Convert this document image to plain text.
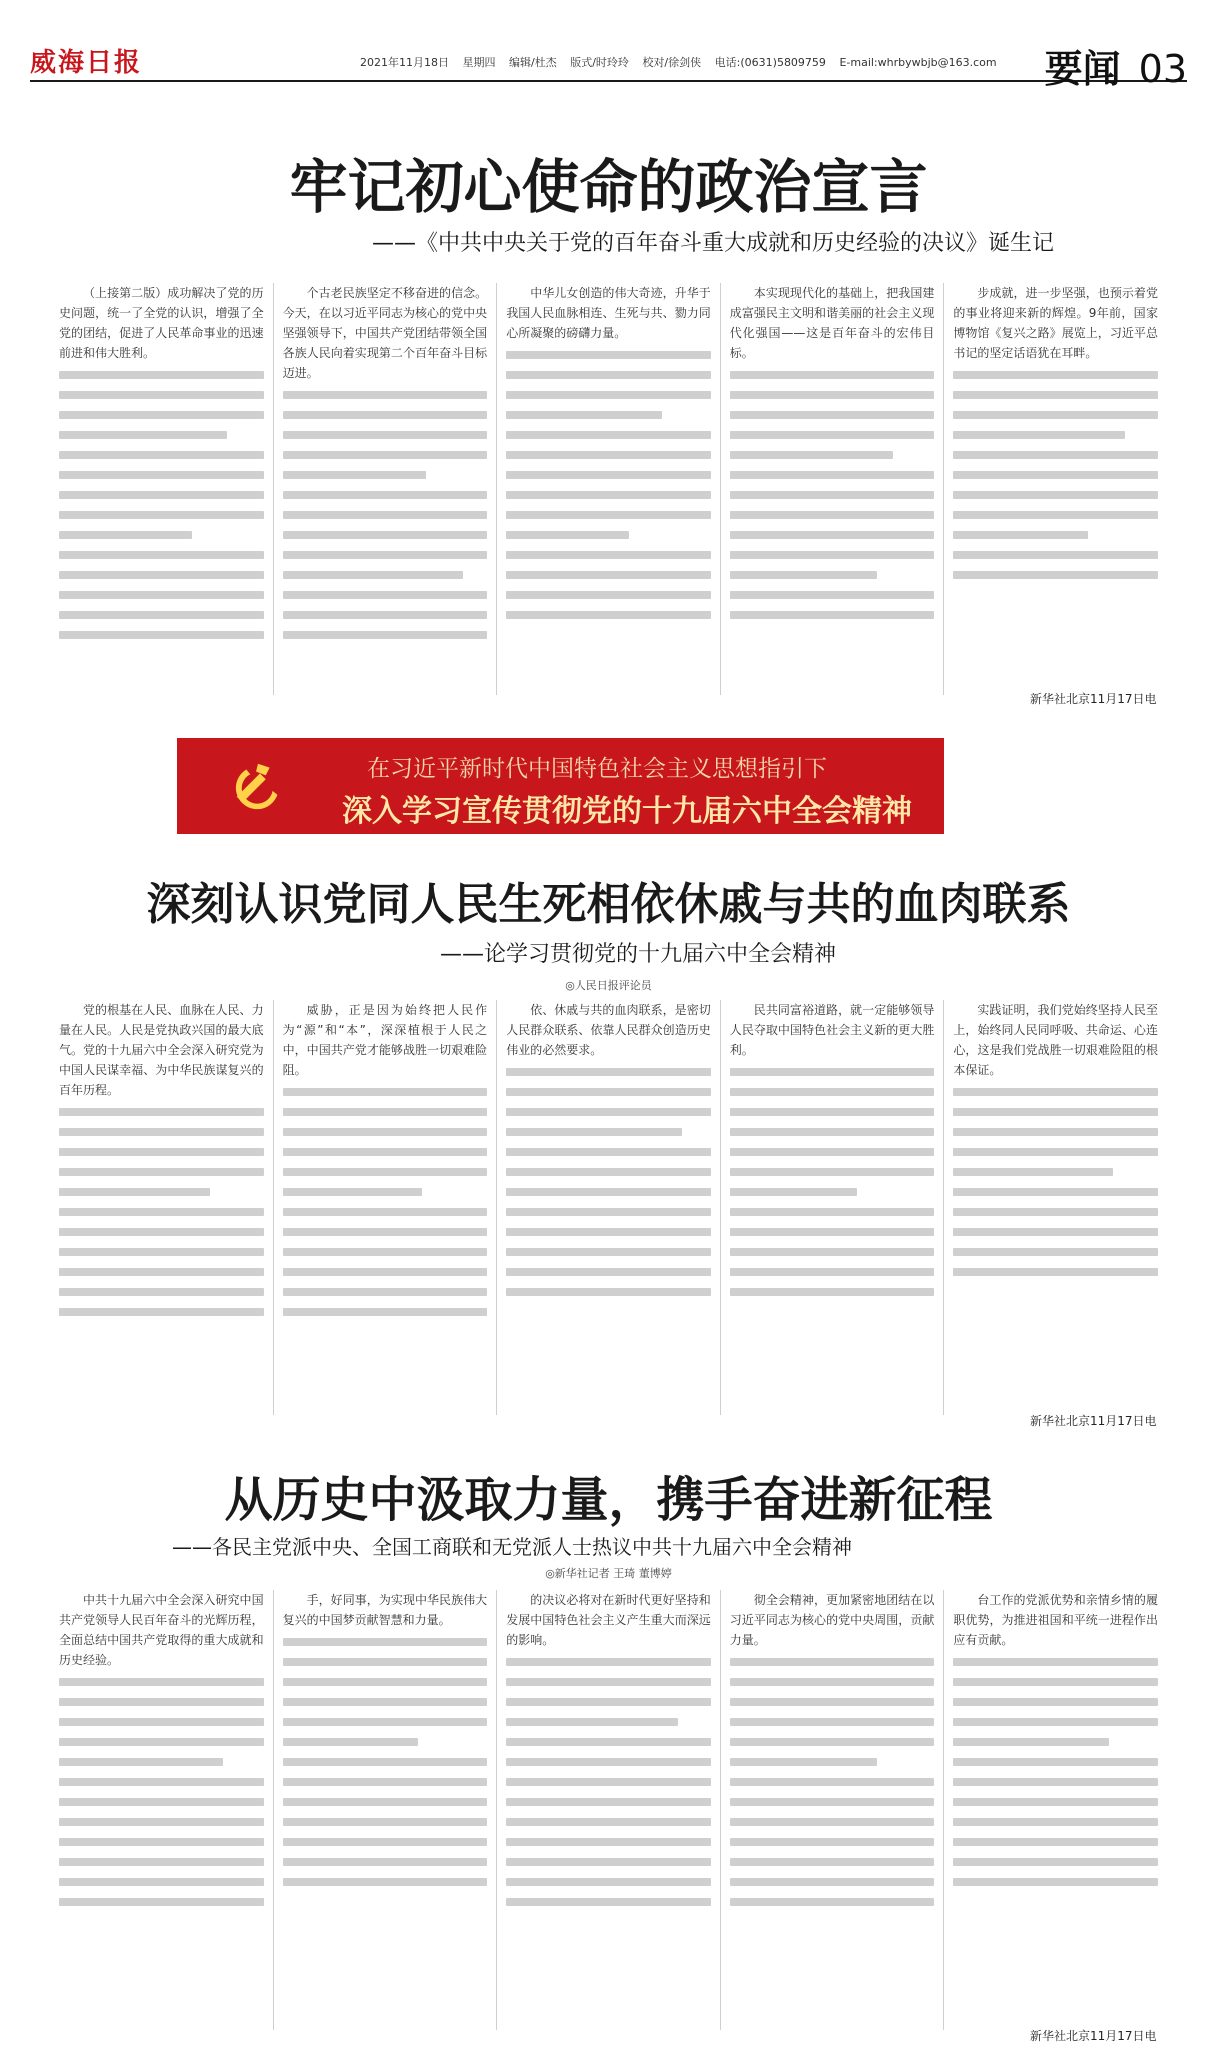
威海日报	2021年11月18日 星期四 编辑/杜杰 版式/时玲玲 校对/徐剑侠 电话:(0631)5809759 E-mail:whrbywbjb@163.com 要闻 03
牢记初心使命的政治宣言
——《中共中央关于党的百年奋斗重大成就和历史经验的决议》诞生记

（上接第二版）成功解决了党的历史问题，统一了全党的认识，增强了全党的团结，促进了人民革命事业的迅速前进和伟大胜利。

个古老民族坚定不移奋进的信念。今天，在以习近平同志为核心的党中央坚强领导下，中国共产党团结带领全国各族人民向着实现第二个百年奋斗目标迈进。

中华儿女创造的伟大奇迹，升华于我国人民血脉相连、生死与共、勠力同心所凝聚的磅礴力量。

本实现现代化的基础上，把我国建成富强民主文明和谐美丽的社会主义现代化强国——这是百年奋斗的宏伟目标。

步成就，进一步坚强，也预示着党的事业将迎来新的辉煌。9年前，国家博物馆《复兴之路》展览上，习近平总书记的坚定话语犹在耳畔。

新华社北京11月17日电
在习近平新时代中国特色社会主义思想指引下
深入学习宣传贯彻党的十九届六中全会精神
深刻认识党同人民生死相依休戚与共的血肉联系
——论学习贯彻党的十九届六中全会精神
◎人民日报评论员

党的根基在人民、血脉在人民、力量在人民。人民是党执政兴国的最大底气。党的十九届六中全会深入研究党为中国人民谋幸福、为中华民族谋复兴的百年历程。

威胁，正是因为始终把人民作为“源”和“本”，深深植根于人民之中，中国共产党才能够战胜一切艰难险阻。

依、休戚与共的血肉联系，是密切人民群众联系、依靠人民群众创造历史伟业的必然要求。

民共同富裕道路，就一定能够领导人民夺取中国特色社会主义新的更大胜利。

实践证明，我们党始终坚持人民至上，始终同人民同呼吸、共命运、心连心，这是我们党战胜一切艰难险阻的根本保证。

新华社北京11月17日电
从历史中汲取力量，携手奋进新征程
——各民主党派中央、全国工商联和无党派人士热议中共十九届六中全会精神
◎新华社记者 王琦 董博婷

中共十九届六中全会深入研究中国共产党领导人民百年奋斗的光辉历程，全面总结中国共产党取得的重大成就和历史经验。

手，好同事，为实现中华民族伟大复兴的中国梦贡献智慧和力量。

的决议必将对在新时代更好坚持和发展中国特色社会主义产生重大而深远的影响。

彻全会精神，更加紧密地团结在以习近平同志为核心的党中央周围，贡献力量。

台工作的党派优势和亲情乡情的履职优势，为推进祖国和平统一进程作出应有贡献。

新华社北京11月17日电
